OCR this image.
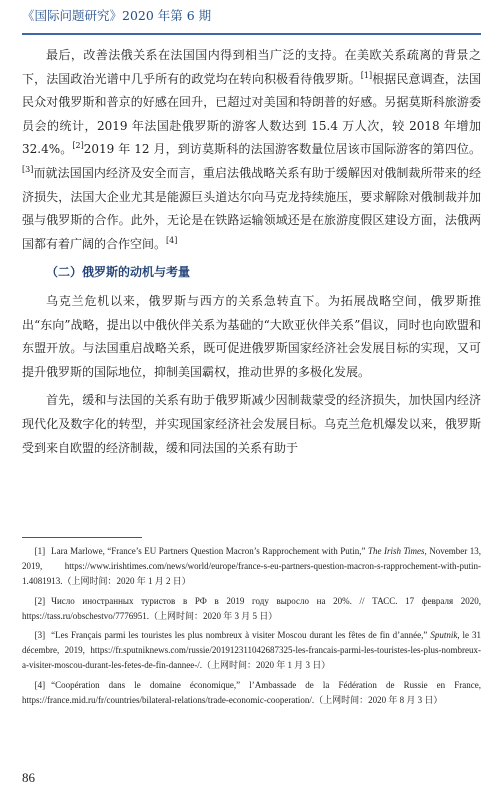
《国际问题研究》2020 年第 6 期

最后，改善法俄关系在法国国内得到相当广泛的支持。在美欧关系疏离的背景之下，法国政治光谱中几乎所有的政党均在转向积极看待俄罗斯。[1]根据民意调查，法国民众对俄罗斯和普京的好感在回升，已超过对美国和特朗普的好感。另据莫斯科旅游委员会的统计，2019 年法国赴俄罗斯的游客人数达到 15.4 万人次，较 2018 年增加 32.4%。[2]2019 年 12 月，到访莫斯科的法国游客数量位居该市国际游客的第四位。[3]而就法国国内经济及安全而言，重启法俄战略关系有助于缓解因对俄制裁所带来的经济损失，法国大企业尤其是能源巨头道达尔向马克龙持续施压，要求解除对俄制裁并加强与俄罗斯的合作。此外，无论是在铁路运输领域还是在旅游度假区建设方面，法俄两国都有着广阔的合作空间。[4]

（二）俄罗斯的动机与考量

乌克兰危机以来，俄罗斯与西方的关系急转直下。为拓展战略空间，俄罗斯推出“东向”战略，提出以中俄伙伴关系为基础的“大欧亚伙伴关系”倡议，同时也向欧盟和东盟开放。与法国重启战略关系，既可促进俄罗斯国家经济社会发展目标的实现，又可提升俄罗斯的国际地位，抑制美国霸权，推动世界的多极化发展。

首先，缓和与法国的关系有助于俄罗斯减少因制裁蒙受的经济损失，加快国内经济现代化及数字化的转型，并实现国家经济社会发展目标。乌克兰危机爆发以来，俄罗斯受到来自欧盟的经济制裁，缓和同法国的关系有助于

[1] Lara Marlowe, “France’s EU Partners Question Macron’s Rapprochement with Putin,” The Irish Times, November 13, 2019, https://www.irishtimes.com/news/world/europe/france-s-eu-partners-question-macron-s-rapprochement-with-putin-1.4081913.（上网时间：2020 年 1 月 2 日）

[2] Число иностранных туристов в РФ в 2019 году выросло на 20%. // ТАСС. 17 февраля 2020, https://tass.ru/obschestvo/7776951.（上网时间：2020 年 3 月 5 日）

[3] “Les Français parmi les touristes les plus nombreux à visiter Moscou durant les fêtes de fin d’année,” Sputnik, le 31 décembre, 2019, https://fr.sputniknews.com/russie/201912311042687325-les-francais-parmi-les-touristes-les-plus-nombreux-a-visiter-moscou-durant-les-fetes-de-fin-dannee-/.（上网时间：2020 年 1 月 3 日）

[4] “Coopération dans le domaine économique,” l’Ambassade de la Fédération de Russie en France, https://france.mid.ru/fr/countries/bilateral-relations/trade-economic-cooperation/.（上网时间：2020 年 8 月 3 日）

86
